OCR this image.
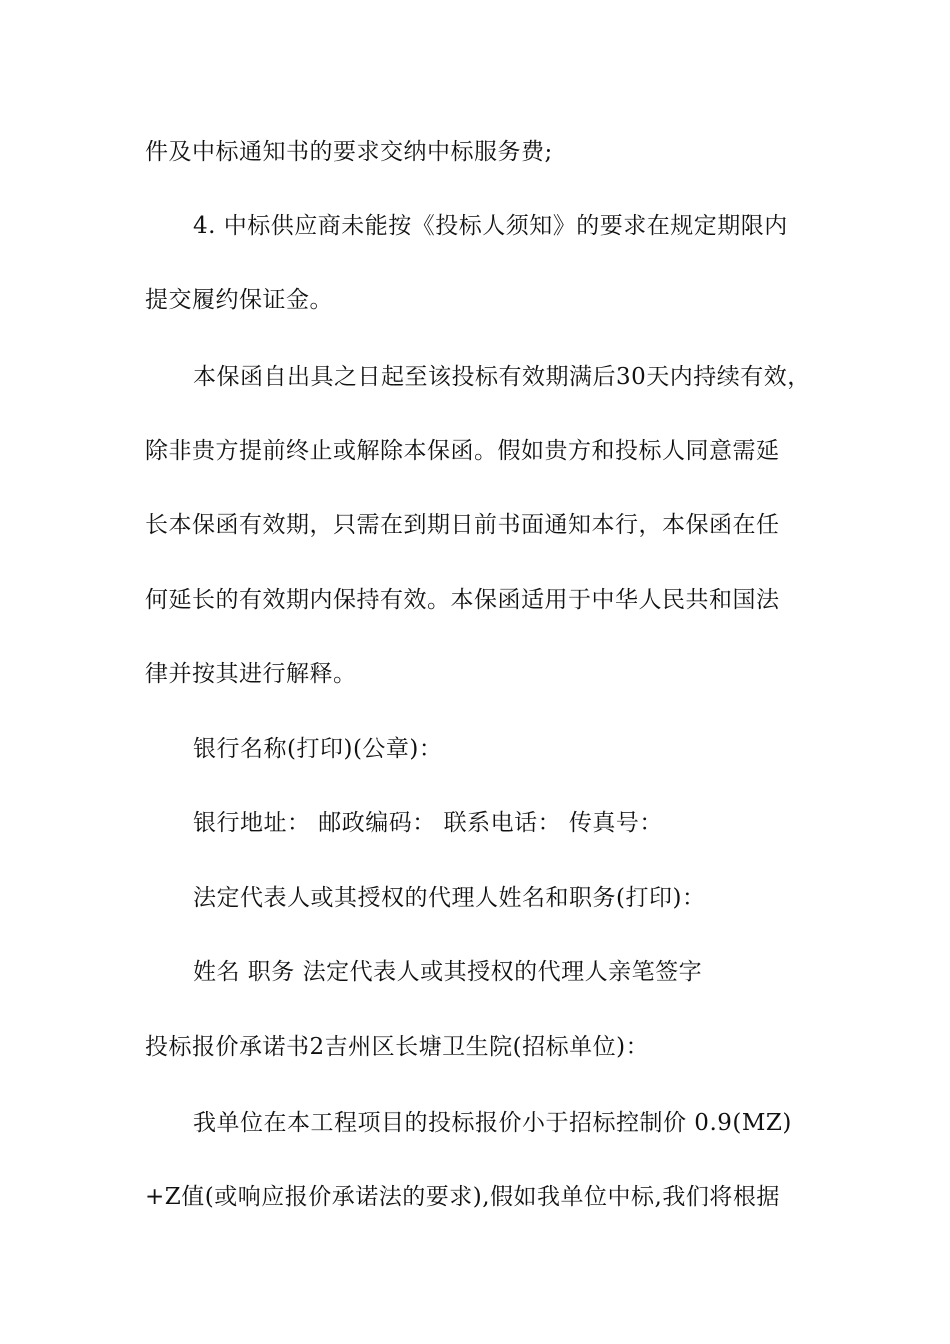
件及中标通知书的要求交纳中标服务费;
4. 中标供应商未能按《投标人须知》的要求在规定期限内
提交履约保证金。
本保函自出具之日起至该投标有效期满后30天内持续有效，
除非贵方提前终止或解除本保函。假如贵方和投标人同意需延
长本保函有效期，只需在到期日前书面通知本行，本保函在任
何延长的有效期内保持有效。本保函适用于中华人民共和国法
律并按其进行解释。
银行名称(打印)(公章)：
银行地址： 邮政编码： 联系电话： 传真号：
法定代表人或其授权的代理人姓名和职务(打印)：
姓名 职务 法定代表人或其授权的代理人亲笔签字
投标报价承诺书2吉州区长塘卫生院(招标单位)：
我单位在本工程项目的投标报价小于招标控制价 0.9(MZ)
+Z值(或响应报价承诺法的要求),假如我单位中标,我们将根据
